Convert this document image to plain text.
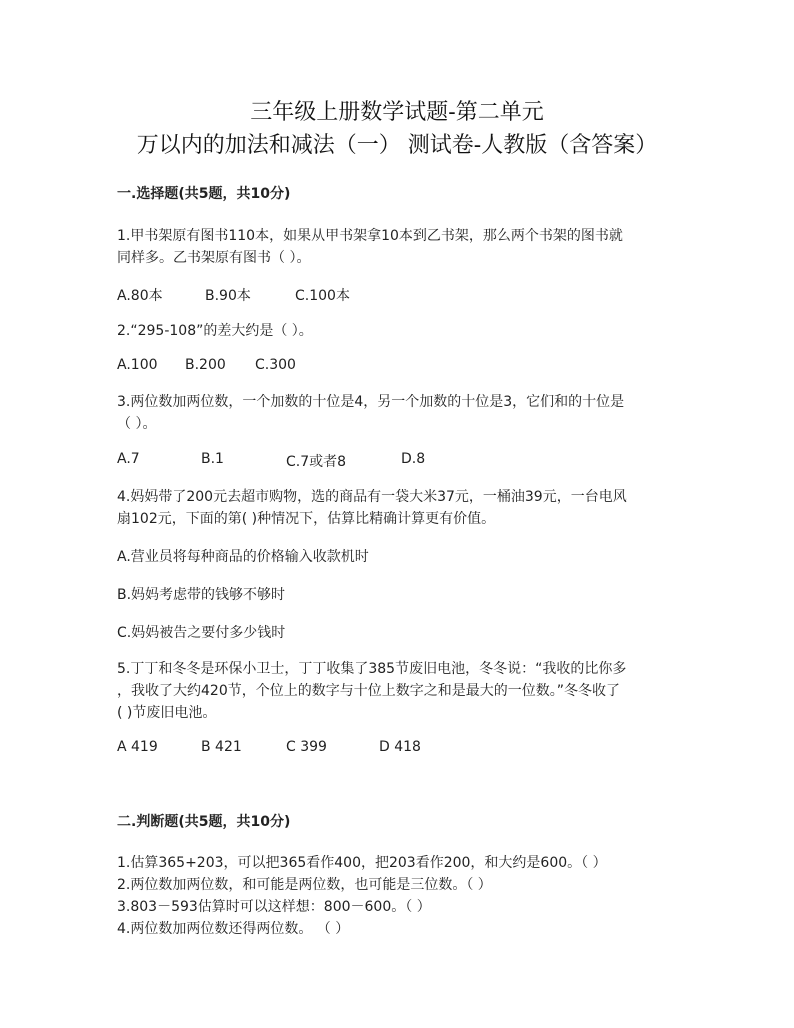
三年级上册数学试题-第二单元
万以内的加法和减法（一） 测试卷-人教版（含答案）
一.选择题(共5题，共10分)
1.甲书架原有图书110本，如果从甲书架拿10本到乙书架，那么两个书架的图书就
同样多。乙书架原有图书（ ）。
A.80本	B.90本	C.100本
2.“295-108”的差大约是（ ）。
A.100 B.200 C.300
3.两位数加两位数，一个加数的十位是4，另一个加数的十位是3，它们和的十位是
（ ）。
A.7	B.1	C.7或者8	D.8
4.妈妈带了200元去超市购物，选的商品有一袋大米37元，一桶油39元，一台电风
扇102元，下面的第( )种情况下，估算比精确计算更有价值。
A.营业员将每种商品的价格输入收款机时
B.妈妈考虑带的钱够不够时
C.妈妈被告之要付多少钱时
5.丁丁和冬冬是环保小卫士，丁丁收集了385节废旧电池，冬冬说：“我收的比你多
，我收了大约420节，个位上的数字与十位上数字之和是最大的一位数。”冬冬收了
( )节废旧电池。
A 419	B 421	C 399	D 418
二.判断题(共5题，共10分)
1.估算365+203，可以把365看作400，把203看作200，和大约是600。（ ）
2.两位数加两位数，和可能是两位数，也可能是三位数。（ ）
3.803－593估算时可以这样想：800－600。（ ）
4.两位数加两位数还得两位数。 （ ）
